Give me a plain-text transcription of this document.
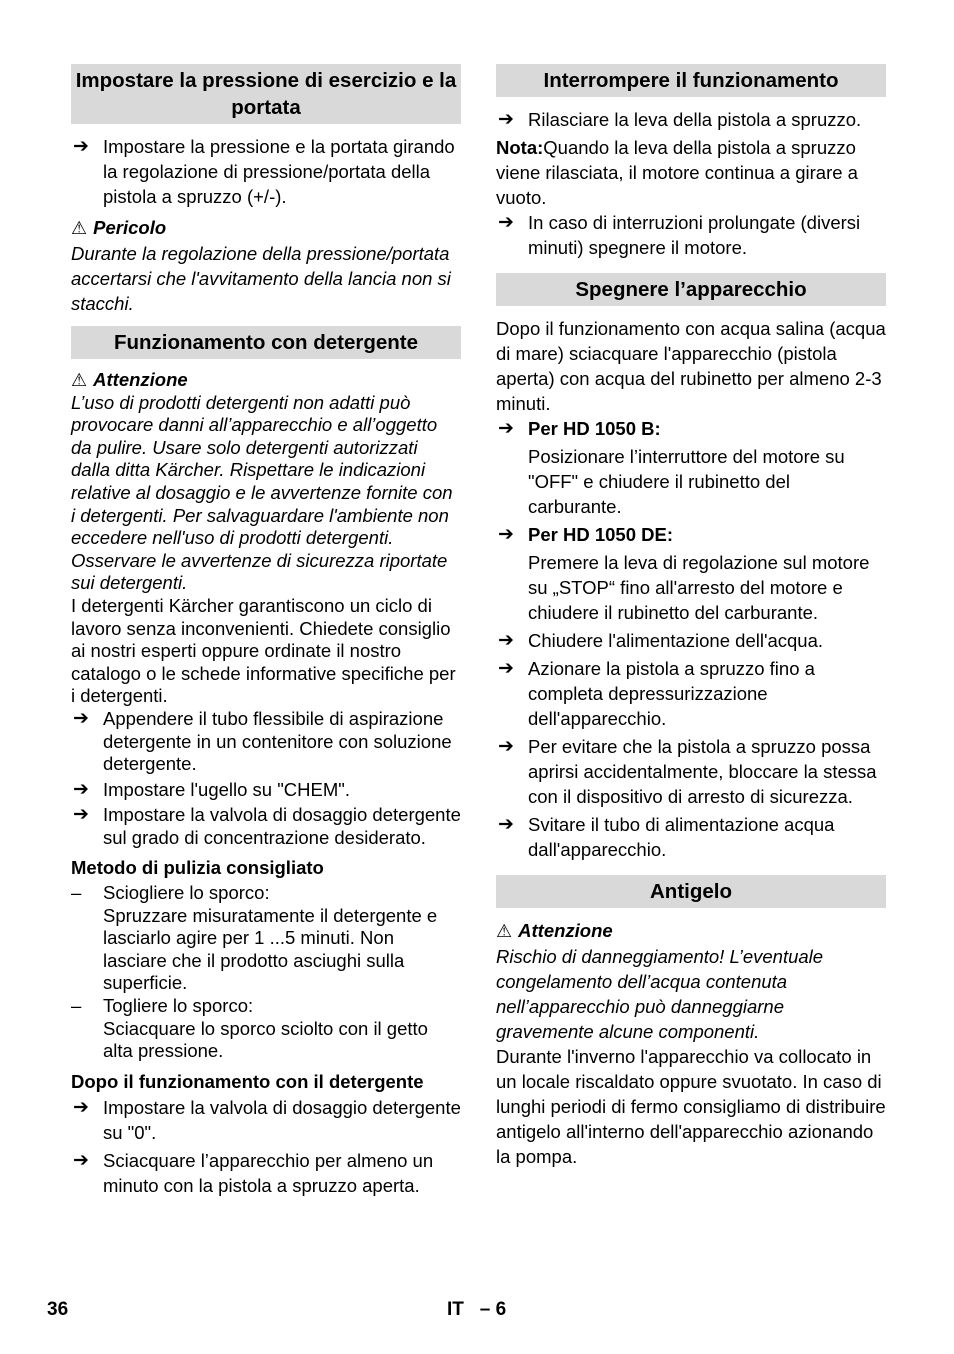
Impostare la pressione di esercizio e la portata
➔ Impostare la pressione e la portata girando la regolazione di pressione/portata della pistola a spruzzo (+/-).
⚠ Pericolo

Durante la regolazione della pressione/portata accertarsi che l'avvitamento della lancia non si stacchi.

Funzionamento con detergente
⚠ Attenzione

L’uso di prodotti detergenti non adatti può provocare danni all’apparecchio e all’oggetto da pulire. Usare solo detergenti autorizzati dalla ditta Kärcher. Rispettare le indicazioni relative al dosaggio e le avvertenze fornite con i detergenti. Per salvaguardare l'ambiente non eccedere nell'uso di prodotti detergenti.

Osservare le avvertenze di sicurezza riportate sui detergenti.

I detergenti Kärcher garantiscono un ciclo di lavoro senza inconvenienti. Chiedete consiglio ai nostri esperti oppure ordinate il nostro catalogo o le schede informative specifiche per i detergenti.

➔ Appendere il tubo flessibile di aspirazione detergente in un contenitore con soluzione detergente.
➔ Impostare l'ugello su "CHEM".
➔ Impostare la valvola di dosaggio detergente sul grado di concentrazione desiderato.
Metodo di pulizia consigliato
– Sciogliere lo sporco:

Spruzzare misuratamente il detergente e lasciarlo agire per 1 ...5 minuti. Non lasciare che il prodotto asciughi sulla superficie.

– Togliere lo sporco:

Sciacquare lo sporco sciolto con il getto alta pressione.

Dopo il funzionamento con il detergente
➔ Impostare la valvola di dosaggio detergente su "0".
➔ Sciacquare l’apparecchio per almeno un minuto con la pistola a spruzzo aperta.
Interrompere il funzionamento
➔ Rilasciare la leva della pistola a spruzzo.

Nota:Quando la leva della pistola a spruzzo viene rilasciata, il motore continua a girare a vuoto.

➔ In caso di interruzioni prolungate (diversi minuti) spegnere il motore.
Spegnere l’apparecchio

Dopo il funzionamento con acqua salina (acqua di mare) sciacquare l'apparecchio (pistola aperta) con acqua del rubinetto per almeno 2-3 minuti.

➔ Per HD 1050 B:

Posizionare l’interruttore del motore su "OFF" e chiudere il rubinetto del carburante.

➔ Per HD 1050 DE:

Premere la leva di regolazione sul motore su „STOP“ fino all'arresto del motore e chiudere il rubinetto del carburante.

➔ Chiudere l'alimentazione dell'acqua.
➔ Azionare la pistola a spruzzo fino a completa depressurizzazione dell'apparecchio.
➔ Per evitare che la pistola a spruzzo possa aprirsi accidentalmente, bloccare la stessa con il dispositivo di arresto di sicurezza.
➔ Svitare il tubo di alimentazione acqua dall'apparecchio.
Antigelo
⚠ Attenzione

Rischio di danneggiamento! L’eventuale congelamento dell’acqua contenuta nell’apparecchio può danneggiarne gravemente alcune componenti.

Durante l'inverno l'apparecchio va collocato in un locale riscaldato oppure svuotato. In caso di lunghi periodi di fermo consigliamo di distribuire antigelo all'interno dell'apparecchio azionando la pompa.

36	IT – 6
